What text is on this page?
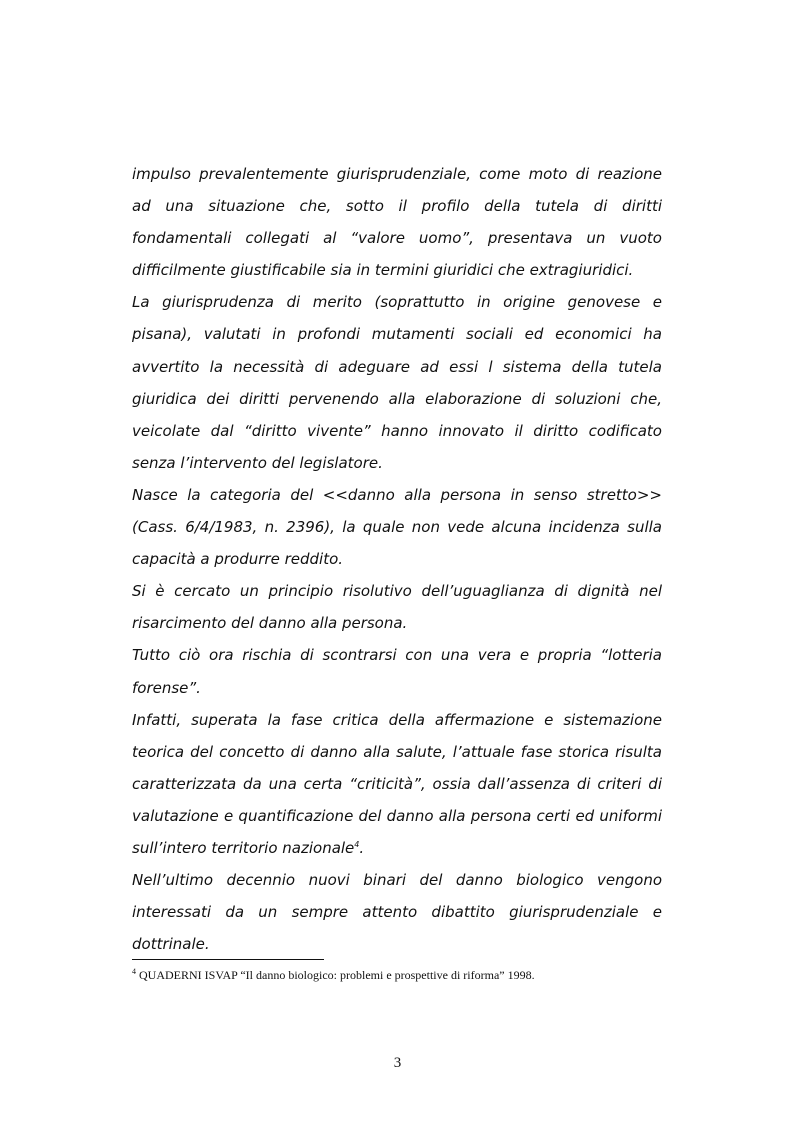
impulso prevalentemente giurisprudenziale, come moto di reazione ad una situazione che, sotto il profilo della tutela di diritti fondamentali collegati al “valore uomo”, presentava un vuoto difficilmente giustificabile sia in termini giuridici che extragiuridici.

La giurisprudenza di merito (soprattutto in origine genovese e pisana), valutati in profondi mutamenti sociali ed economici ha avvertito la necessità di adeguare ad essi l sistema della tutela giuridica dei diritti pervenendo alla elaborazione di soluzioni che, veicolate dal “diritto vivente” hanno innovato il diritto codificato senza l’intervento del legislatore.

Nasce la categoria del <<danno alla persona in senso stretto>> (Cass. 6/4/1983, n. 2396), la quale non vede alcuna incidenza sulla capacità a produrre reddito.

Si è cercato un principio risolutivo dell’uguaglianza di dignità nel risarcimento del danno alla persona.

Tutto ciò ora rischia di scontrarsi con una vera e propria “lotteria forense”.

Infatti, superata la fase critica della affermazione e sistemazione teorica del concetto di danno alla salute, l’attuale fase storica risulta caratterizzata da una certa “criticità”, ossia dall’assenza di criteri di valutazione e quantificazione del danno alla persona certi ed uniformi sull’intero territorio nazionale$^4$.

Nell’ultimo decennio nuovi binari del danno biologico vengono interessati da un sempre attento dibattito giurisprudenziale e dottrinale.

$^4$ QUADERNI ISVAP “Il danno biologico: problemi e prospettive di riforma” 1998.
3
